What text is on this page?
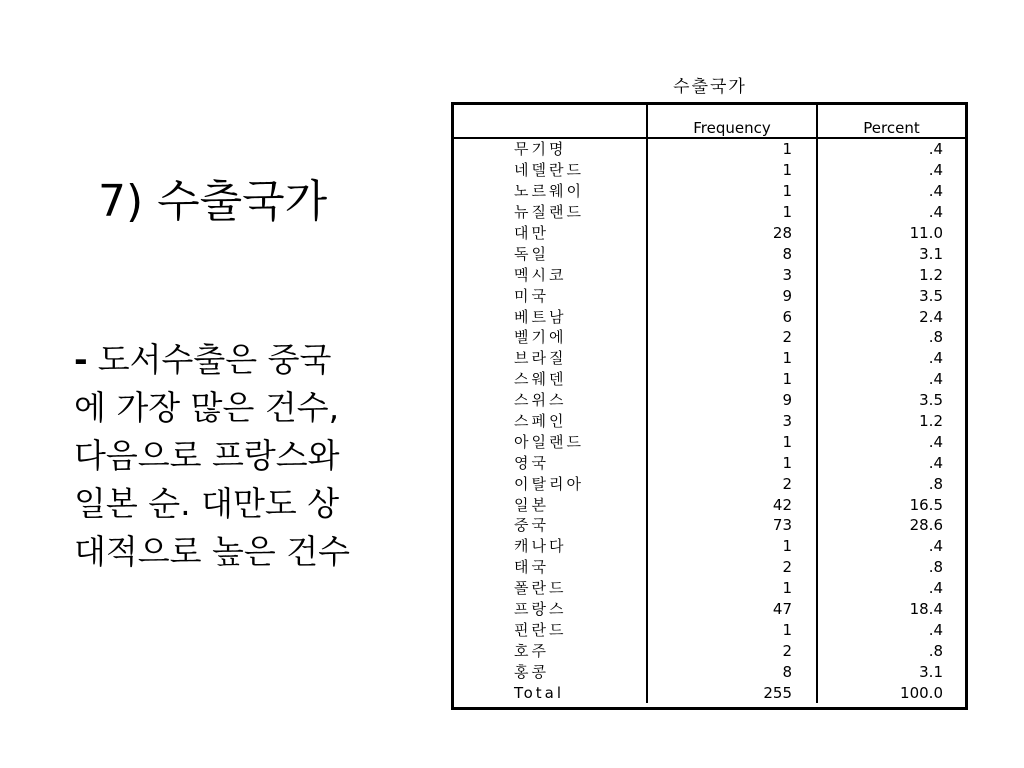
7) 수출국가
- 도서수출은 중국
에 가장 많은 건수,
다음으로 프랑스와
일본 순. 대만도 상
대적으로 높은 건수
수출국가
	Frequency	Percent
무기명	1	.4
네델란드	1	.4
노르웨이	1	.4
뉴질랜드	1	.4
대만	28	11.0
독일	8	3.1
멕시코	3	1.2
미국	9	3.5
베트남	6	2.4
벨기에	2	.8
브라질	1	.4
스웨덴	1	.4
스위스	9	3.5
스페인	3	1.2
아일랜드	1	.4
영국	1	.4
이탈리아	2	.8
일본	42	16.5
중국	73	28.6
캐나다	1	.4
태국	2	.8
폴란드	1	.4
프랑스	47	18.4
핀란드	1	.4
호주	2	.8
홍콩	8	3.1
Total	255	100.0
